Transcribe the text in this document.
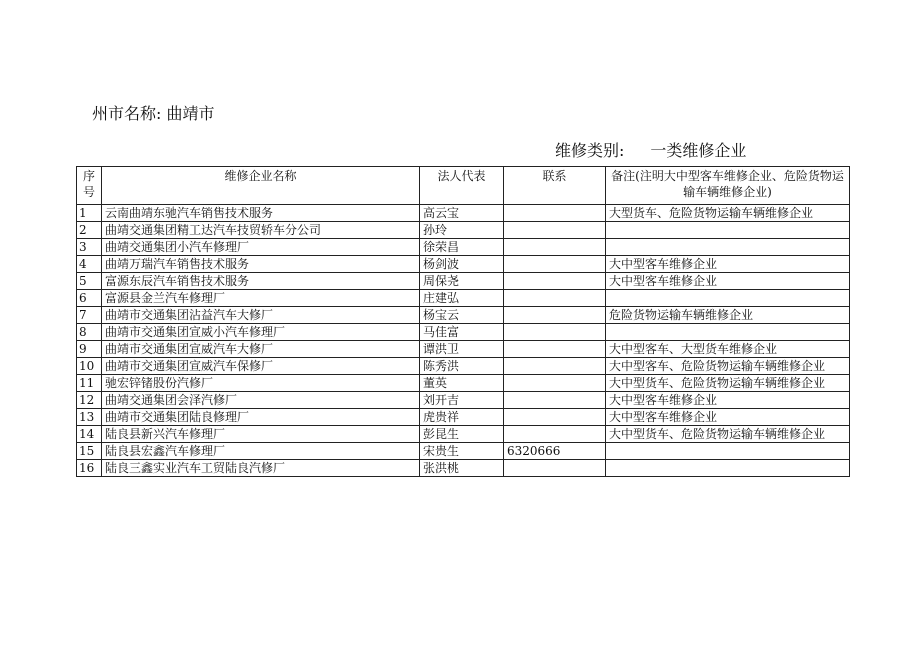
州市名称: 曲靖市
维修类别: 一类维修企业
序号	维修企业名称	法人代表	联系	备注(注明大中型客车维修企业、危险货物运输车辆维修企业)
1	云南曲靖东驰汽车销售技术服务	高云宝		大型货车、危险货物运输车辆维修企业
2	曲靖交通集团精工达汽车技贸轿车分公司	孙玲		
3	曲靖交通集团小汽车修理厂	徐荣昌		
4	曲靖万瑞汽车销售技术服务	杨剑波		大中型客车维修企业
5	富源东辰汽车销售技术服务	周保尧		大中型客车维修企业
6	富源县金兰汽车修理厂	庄建弘		
7	曲靖市交通集团沾益汽车大修厂	杨宝云		危险货物运输车辆维修企业
8	曲靖市交通集团宣威小汽车修理厂	马佳富		
9	曲靖市交通集团宣威汽车大修厂	谭洪卫		大中型客车、大型货车维修企业
10	曲靖市交通集团宣威汽车保修厂	陈秀洪		大中型客车、危险货物运输车辆维修企业
11	驰宏锌锗股份汽修厂	董英		大中型货车、危险货物运输车辆维修企业
12	曲靖交通集团会泽汽修厂	刘开吉		大中型客车维修企业
13	曲靖市交通集团陆良修理厂	虎贵祥		大中型客车维修企业
14	陆良县新兴汽车修理厂	彭昆生		大中型货车、危险货物运输车辆维修企业
15	陆良县宏鑫汽车修理厂	宋贵生	6320666	
16	陆良三鑫实业汽车工贸陆良汽修厂	张洪桃		
